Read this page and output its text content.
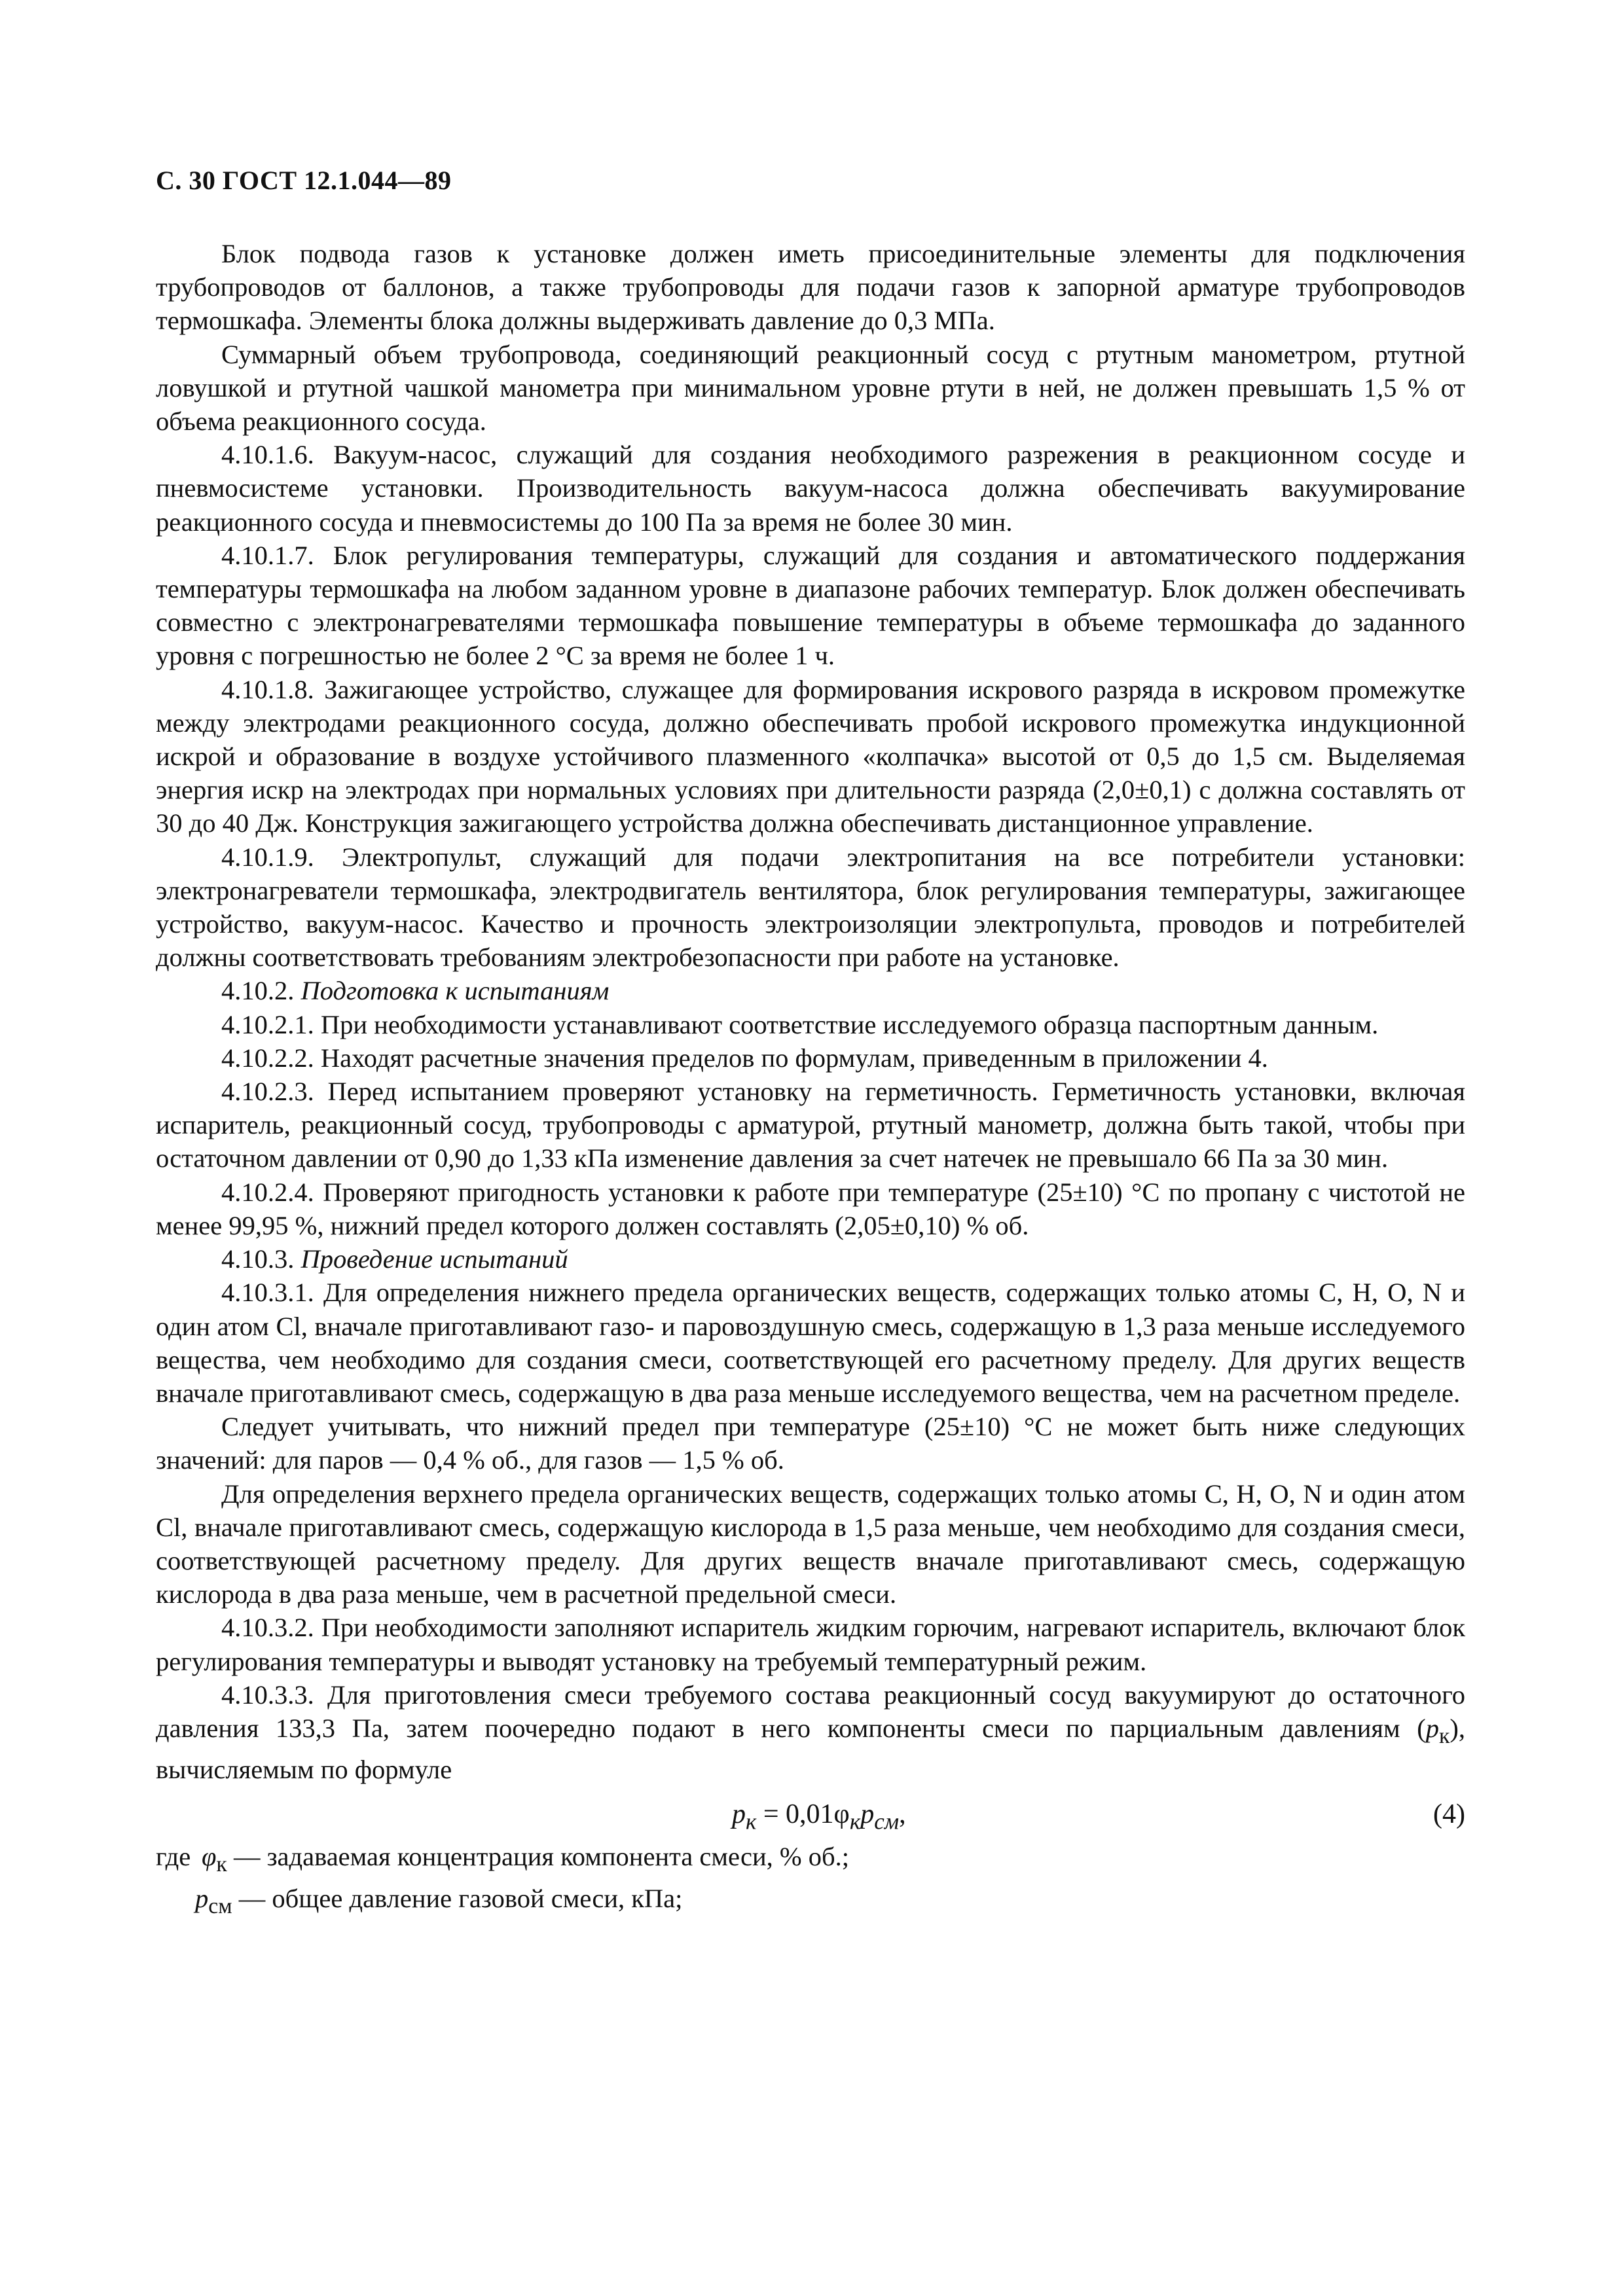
С. 30 ГОСТ 12.1.044—89

Блок подвода газов к установке должен иметь присоединительные элементы для подключения трубопроводов от баллонов, а также трубопроводы для подачи газов к запорной арматуре трубопроводов термошкафа. Элементы блока должны выдерживать давление до 0,3 МПа.

Суммарный объем трубопровода, соединяющий реакционный сосуд с ртутным манометром, ртутной ловушкой и ртутной чашкой манометра при минимальном уровне ртути в ней, не должен превышать 1,5 % от объема реакционного сосуда.

4.10.1.6. Вакуум-насос, служащий для создания необходимого разрежения в реакционном сосуде и пневмосистеме установки. Производительность вакуум-насоса должна обеспечивать вакуумирование реакционного сосуда и пневмосистемы до 100 Па за время не более 30 мин.

4.10.1.7. Блок регулирования температуры, служащий для создания и автоматического поддержания температуры термошкафа на любом заданном уровне в диапазоне рабочих температур. Блок должен обеспечивать совместно с электронагревателями термошкафа повышение температуры в объеме термошкафа до заданного уровня с погрешностью не более 2 °С за время не более 1 ч.

4.10.1.8. Зажигающее устройство, служащее для формирования искрового разряда в искровом промежутке между электродами реакционного сосуда, должно обеспечивать пробой искрового промежутка индукционной искрой и образование в воздухе устойчивого плазменного «колпачка» высотой от 0,5 до 1,5 см. Выделяемая энергия искр на электродах при нормальных условиях при длительности разряда (2,0±0,1) с должна составлять от 30 до 40 Дж. Конструкция зажигающего устройства должна обеспечивать дистанционное управление.

4.10.1.9. Электропульт, служащий для подачи электропитания на все потребители установки: электронагреватели термошкафа, электродвигатель вентилятора, блок регулирования температуры, зажигающее устройство, вакуум-насос. Качество и прочность электроизоляции электропульта, проводов и потребителей должны соответствовать требованиям электробезопасности при работе на установке.

4.10.2. Подготовка к испытаниям

4.10.2.1. При необходимости устанавливают соответствие исследуемого образца паспортным данным.

4.10.2.2. Находят расчетные значения пределов по формулам, приведенным в приложении 4.

4.10.2.3. Перед испытанием проверяют установку на герметичность. Герметичность установки, включая испаритель, реакционный сосуд, трубопроводы с арматурой, ртутный манометр, должна быть такой, чтобы при остаточном давлении от 0,90 до 1,33 кПа изменение давления за счет натечек не превышало 66 Па за 30 мин.

4.10.2.4. Проверяют пригодность установки к работе при температуре (25±10) °С по пропану с чистотой не менее 99,95 %, нижний предел которого должен составлять (2,05±0,10) % об.

4.10.3. Проведение испытаний

4.10.3.1. Для определения нижнего предела органических веществ, содержащих только атомы С, Н, О, N и один атом Cl, вначале приготавливают газо- и паровоздушную смесь, содержащую в 1,3 раза меньше исследуемого вещества, чем необходимо для создания смеси, соответствующей его расчетному пределу. Для других веществ вначале приготавливают смесь, содержащую в два раза меньше исследуемого вещества, чем на расчетном пределе.

Следует учитывать, что нижний предел при температуре (25±10) °С не может быть ниже следующих значений: для паров — 0,4 % об., для газов — 1,5 % об.

Для определения верхнего предела органических веществ, содержащих только атомы С, Н, О, N и один атом Cl, вначале приготавливают смесь, содержащую кислорода в 1,5 раза меньше, чем необходимо для создания смеси, соответствующей расчетному пределу. Для других веществ вначале приготавливают смесь, содержащую кислорода в два раза меньше, чем в расчетной предельной смеси.

4.10.3.2. При необходимости заполняют испаритель жидким горючим, нагревают испаритель, включают блок регулирования температуры и выводят установку на требуемый температурный режим.

4.10.3.3. Для приготовления смеси требуемого состава реакционный сосуд вакуумируют до остаточного давления 133,3 Па, затем поочередно подают в него компоненты смеси по парциальным давлениям $(p_к)$, вычисляемым по формуле

$p_к = 0,01\varphi_кp_{см}$,	(4)
где $\varphi_к$ — задаваемая концентрация компонента смеси, % об.;
$p_{см}$ — общее давление газовой смеси, кПа;
